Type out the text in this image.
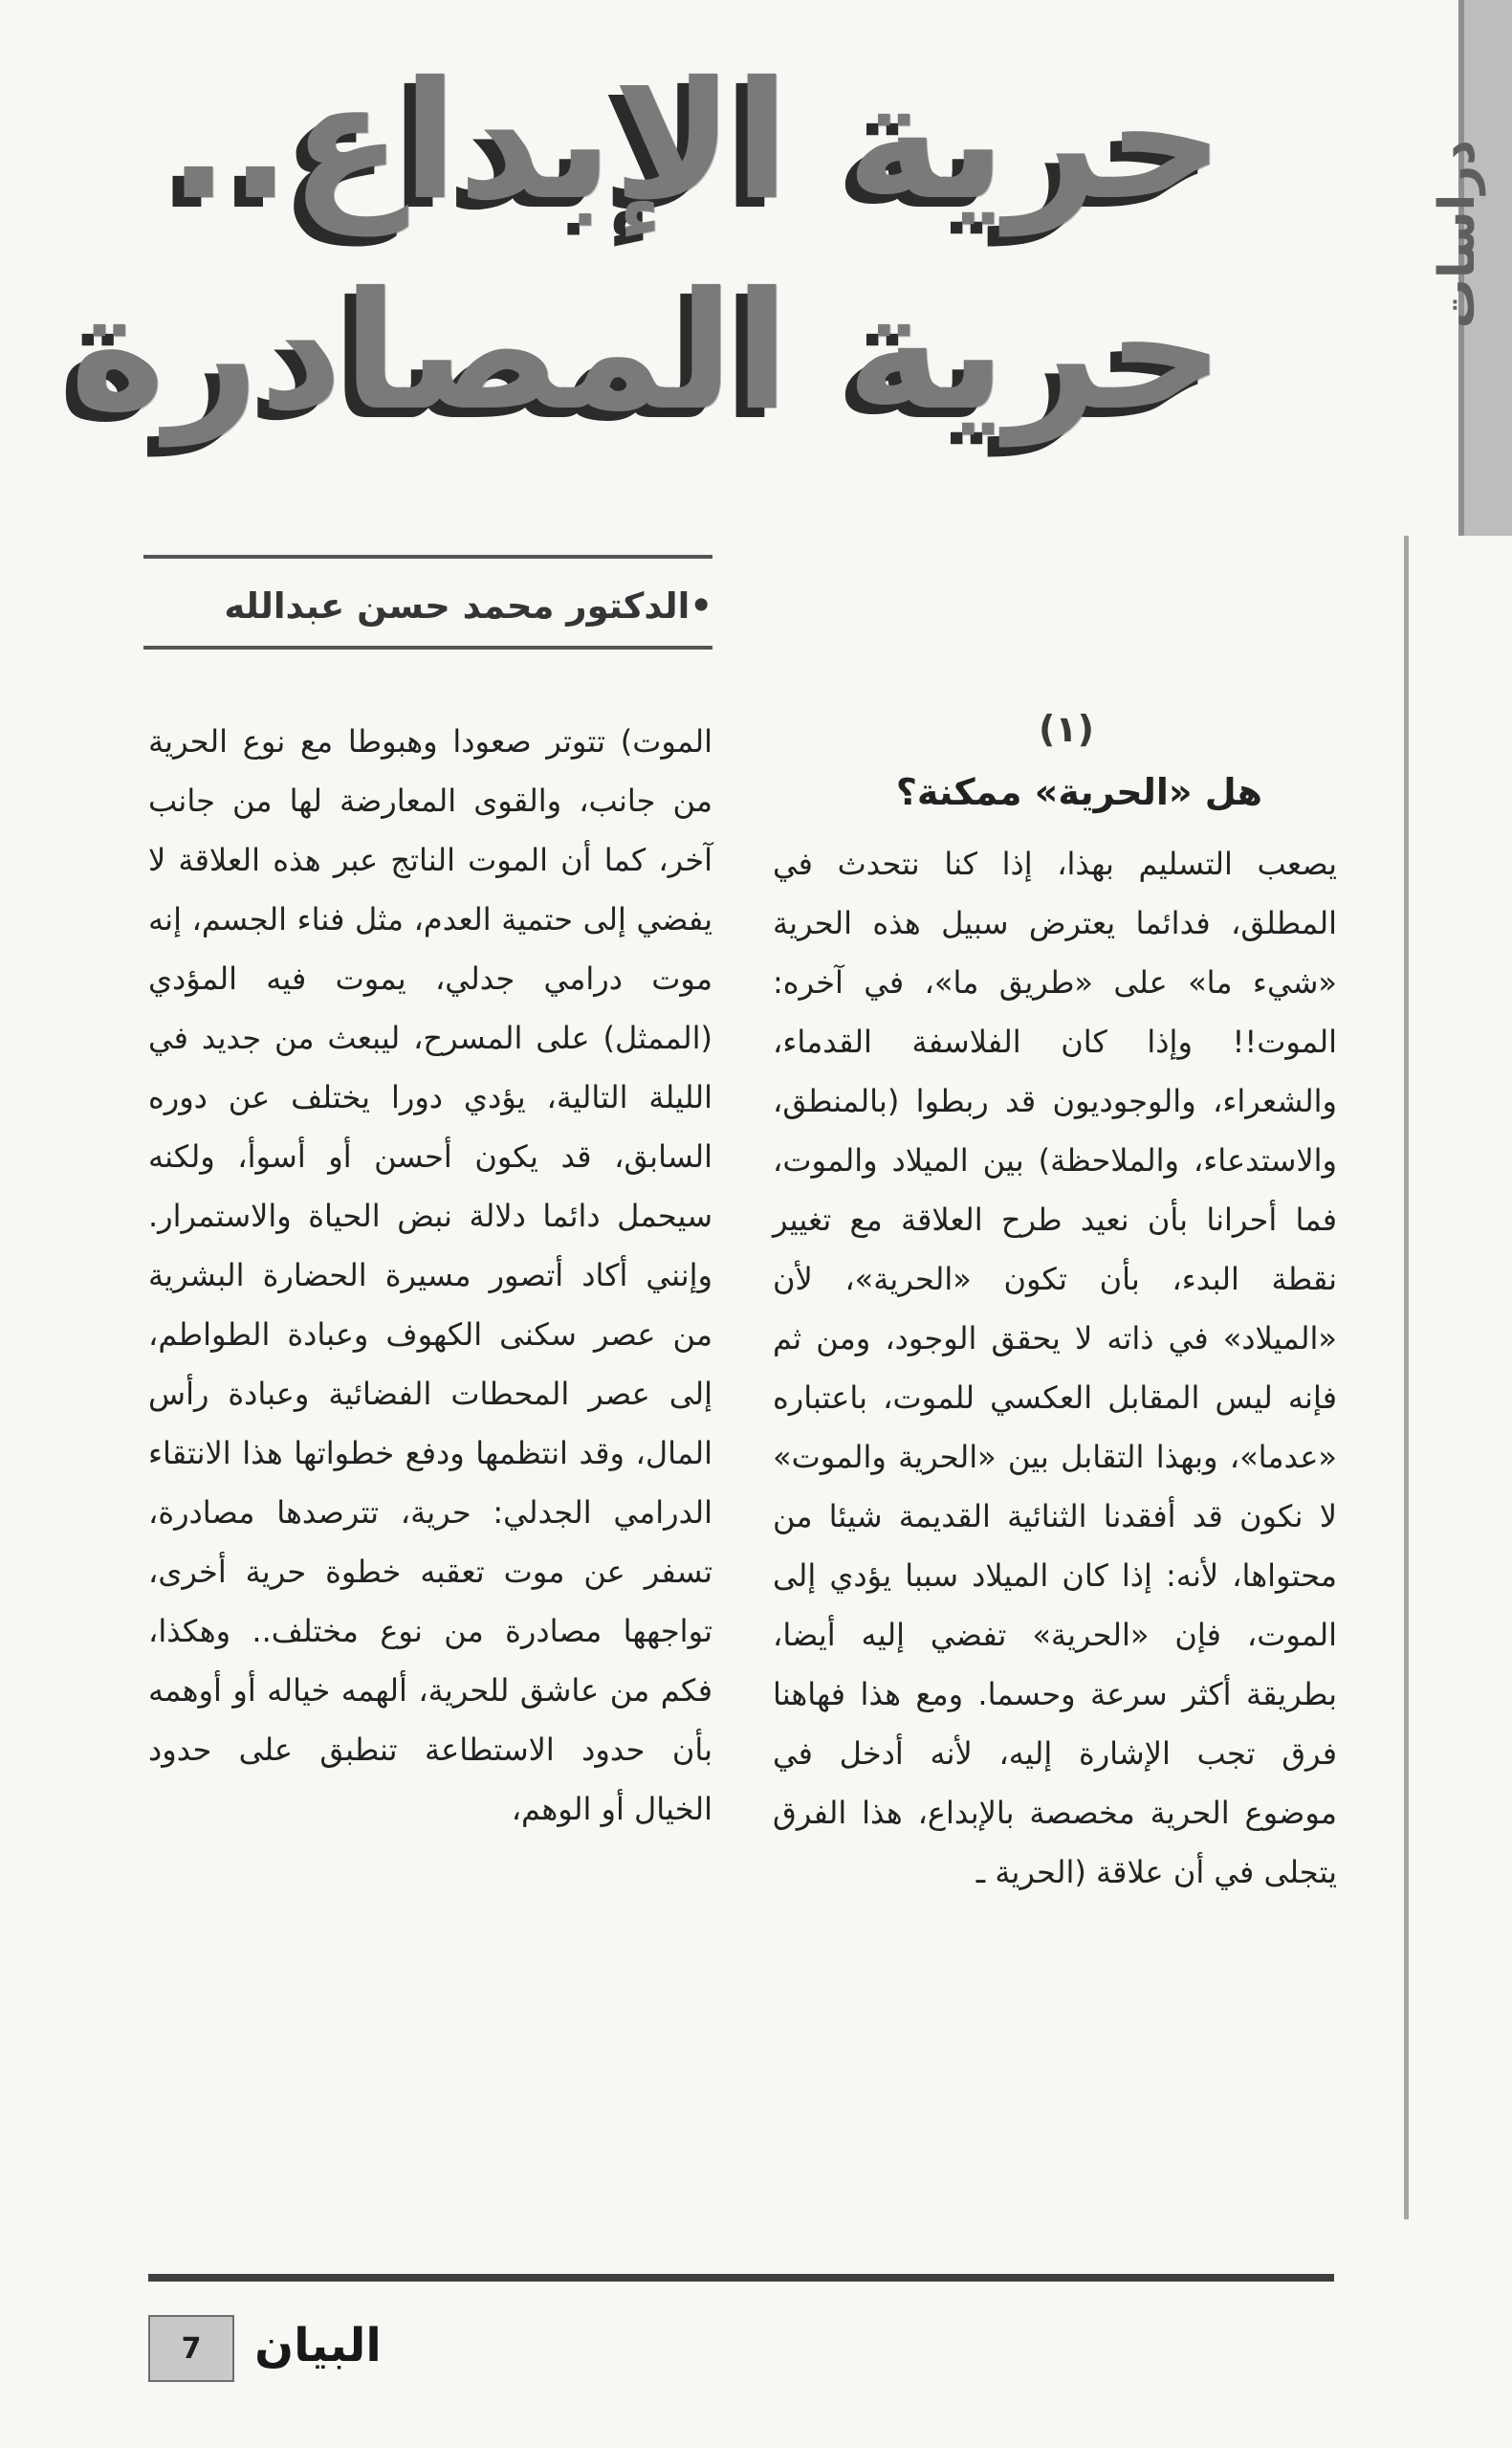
دراسات
حرية الإبداع..
حرية المصادرة
•الدكتور محمد حسن عبدالله
(١)
هل «الحرية» ممكنة؟

يصعب التسليم بهذا، إذا كنا نتحدث في المطلق، فدائما يعترض سبيل هذه الحرية «شيء ما» على «طريق ما»، في آخره: الموت!! وإذا كان الفلاسفة القدماء، والشعراء، والوجوديون قد ربطوا (بالمنطق، والاستدعاء، والملاحظة) بين الميلاد والموت، فما أحرانا بأن نعيد طرح العلاقة مع تغيير نقطة البدء، بأن تكون «الحرية»، لأن «الميلاد» في ذاته لا يحقق الوجود، ومن ثم فإنه ليس المقابل العكسي للموت، باعتباره «عدما»، وبهذا التقابل بين «الحرية والموت» لا نكون قد أفقدنا الثنائية القديمة شيئا من محتواها، لأنه: إذا كان الميلاد سببا يؤدي إلى الموت، فإن «الحرية» تفضي إليه أيضا، بطريقة أكثر سرعة وحسما. ومع هذا فهاهنا فرق تجب الإشارة إليه، لأنه أدخل في موضوع الحرية مخصصة بالإبداع، هذا الفرق يتجلى في أن علاقة (الحرية ـ

الموت) تتوتر صعودا وهبوطا مع نوع الحرية من جانب، والقوى المعارضة لها من جانب آخر، كما أن الموت الناتج عبر هذه العلاقة لا يفضي إلى حتمية العدم، مثل فناء الجسم، إنه موت درامي جدلي، يموت فيه المؤدي (الممثل) على المسرح، ليبعث من جديد في الليلة التالية، يؤدي دورا يختلف عن دوره السابق، قد يكون أحسن أو أسوأ، ولكنه سيحمل دائما دلالة نبض الحياة والاستمرار. وإنني أكاد أتصور مسيرة الحضارة البشرية من عصر سكنى الكهوف وعبادة الطواطم، إلى عصر المحطات الفضائية وعبادة رأس المال، وقد انتظمها ودفع خطواتها هذا الانتقاء الدرامي الجدلي: حرية، تترصدها مصادرة، تسفر عن موت تعقبه خطوة حرية أخرى، تواجهها مصادرة من نوع مختلف.. وهكذا، فكم من عاشق للحرية، ألهمه خياله أو أوهمه بأن حدود الاستطاعة تنطبق على حدود الخيال أو الوهم،

7 البيان
